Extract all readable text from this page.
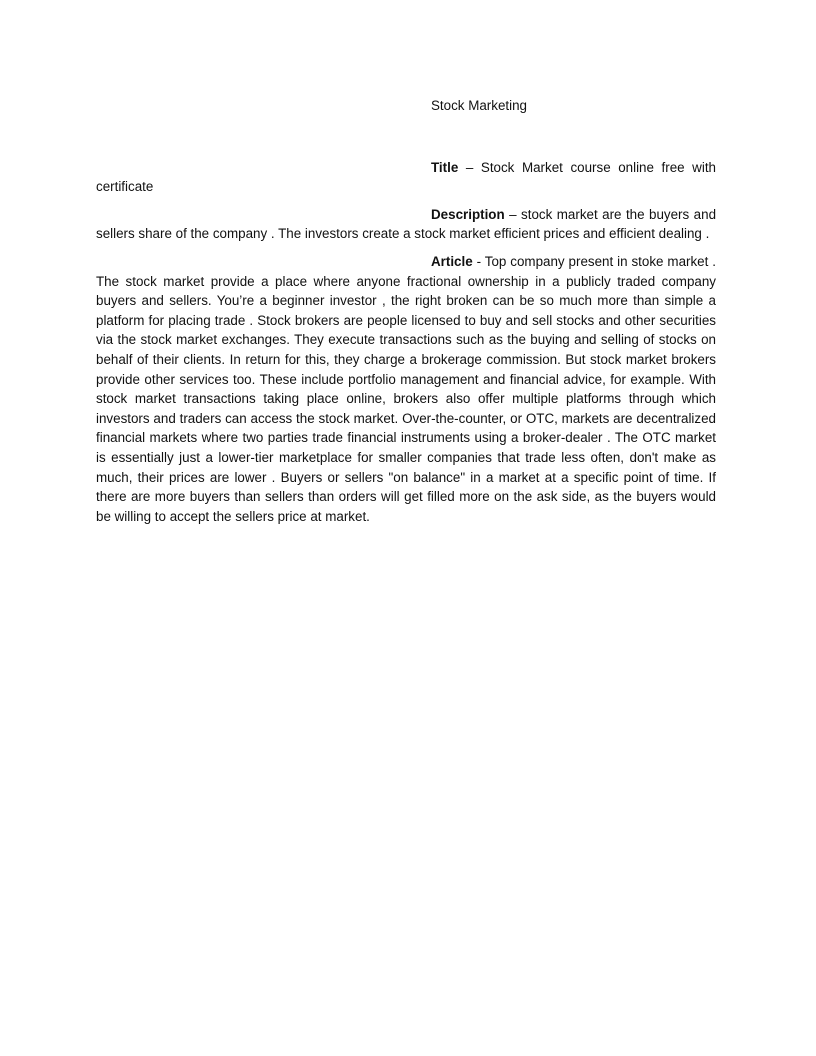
Stock Marketing

Title – Stock Market course online free with certificate

Description – stock market are the buyers and sellers share of the company . The investors create a stock market efficient prices and efficient dealing .

Article - Top company present in stoke market . The stock market provide a place where anyone fractional ownership in a publicly traded company buyers and sellers. You’re a beginner investor , the right broken can be so much more than simple a platform for placing trade . Stock brokers are people licensed to buy and sell stocks and other securities via the stock market exchanges. They execute transactions such as the buying and selling of stocks on behalf of their clients. In return for this, they charge a brokerage commission. But stock market brokers provide other services too. These include portfolio management and financial advice, for example. With stock market transactions taking place online, brokers also offer multiple platforms through which investors and traders can access the stock market. Over-the-counter, or OTC, markets are decentralized financial markets where two parties trade financial instruments using a broker-dealer . The OTC market is essentially just a lower-tier marketplace for smaller companies that trade less often, don't make as much, their prices are lower . Buyers or sellers "on balance" in a market at a specific point of time. If there are more buyers than sellers than orders will get filled more on the ask side, as the buyers would be willing to accept the sellers price at market.
